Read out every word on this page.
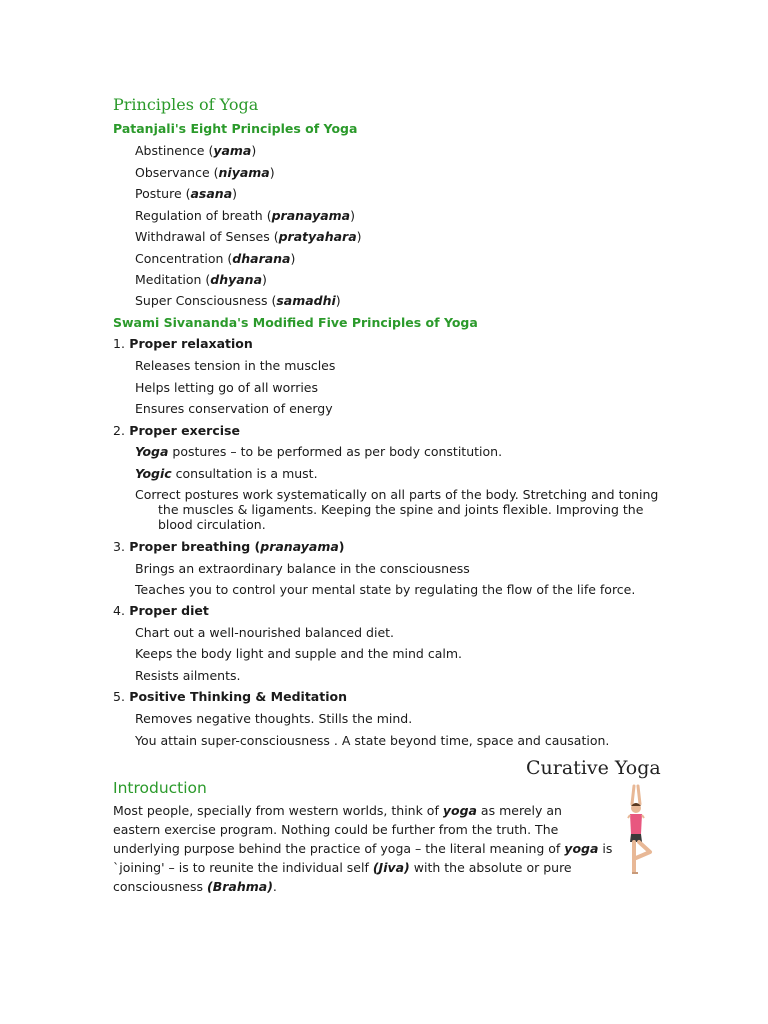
Principles of Yoga
Patanjali's Eight Principles of Yoga
Abstinence (yama)
Observance (niyama)
Posture (asana)
Regulation of breath (pranayama)
Withdrawal of Senses (pratyahara)
Concentration (dharana)
Meditation (dhyana)
Super Consciousness (samadhi)
Swami Sivananda's Modified Five Principles of Yoga
1. Proper relaxation
Releases tension in the muscles
Helps letting go of all worries
Ensures conservation of energy
2. Proper exercise
Yoga postures – to be performed as per body constitution.
Yogic consultation is a must.
Correct postures work systematically on all parts of the body. Stretching and toning the muscles & ligaments. Keeping the spine and joints flexible. Improving the blood circulation.
3. Proper breathing (pranayama)
Brings an extraordinary balance in the consciousness
Teaches you to control your mental state by regulating the flow of the life force.
4. Proper diet
Chart out a well-nourished balanced diet.
Keeps the body light and supple and the mind calm.
Resists ailments.
5. Positive Thinking & Meditation
Removes negative thoughts. Stills the mind.
You attain super-consciousness . A state beyond time, space and causation.
Curative Yoga
Introduction
Most people, specially from western worlds, think of yoga as merely an eastern exercise program. Nothing could be further from the truth. The underlying purpose behind the practice of yoga – the literal meaning of yoga is `joining' – is to reunite the individual self (Jiva) with the absolute or pure consciousness (Brahma).
